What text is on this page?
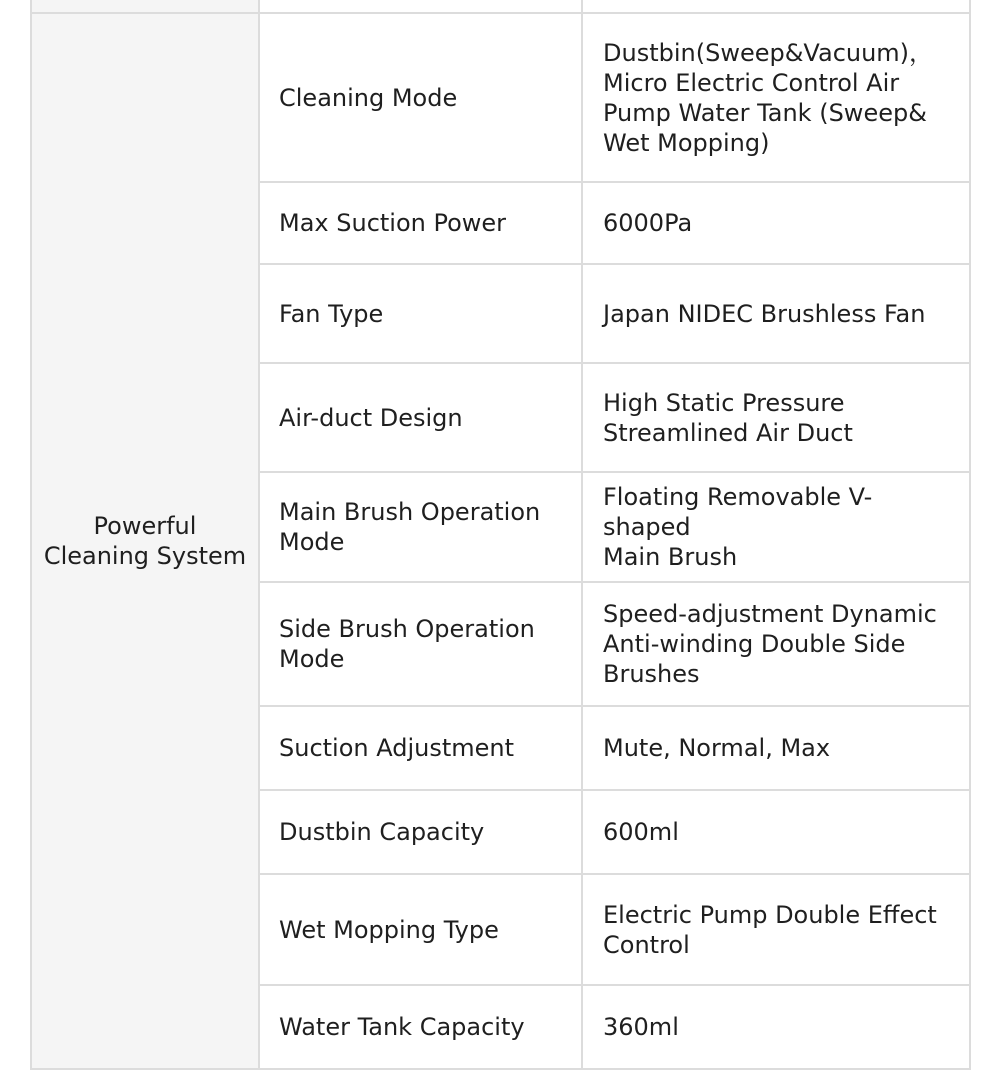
Powerful
Cleaning System	Cleaning Mode	Dustbin(Sweep&Vacuum)，
Micro Electric Control Air
Pump Water Tank (Sweep&
Wet Mopping)
	Max Suction Power	6000Pa
	Fan Type	Japan NIDEC Brushless Fan
	Air-duct Design	High Static Pressure
Streamlined Air Duct
	Main Brush Operation
Mode	Floating Removable V-shaped
Main Brush
	Side Brush Operation
Mode	Speed-adjustment Dynamic
Anti-winding Double Side
Brushes
	Suction Adjustment	Mute, Normal, Max
	Dustbin Capacity	600ml
	Wet Mopping Type	Electric Pump Double Effect
Control
	Water Tank Capacity	360ml
